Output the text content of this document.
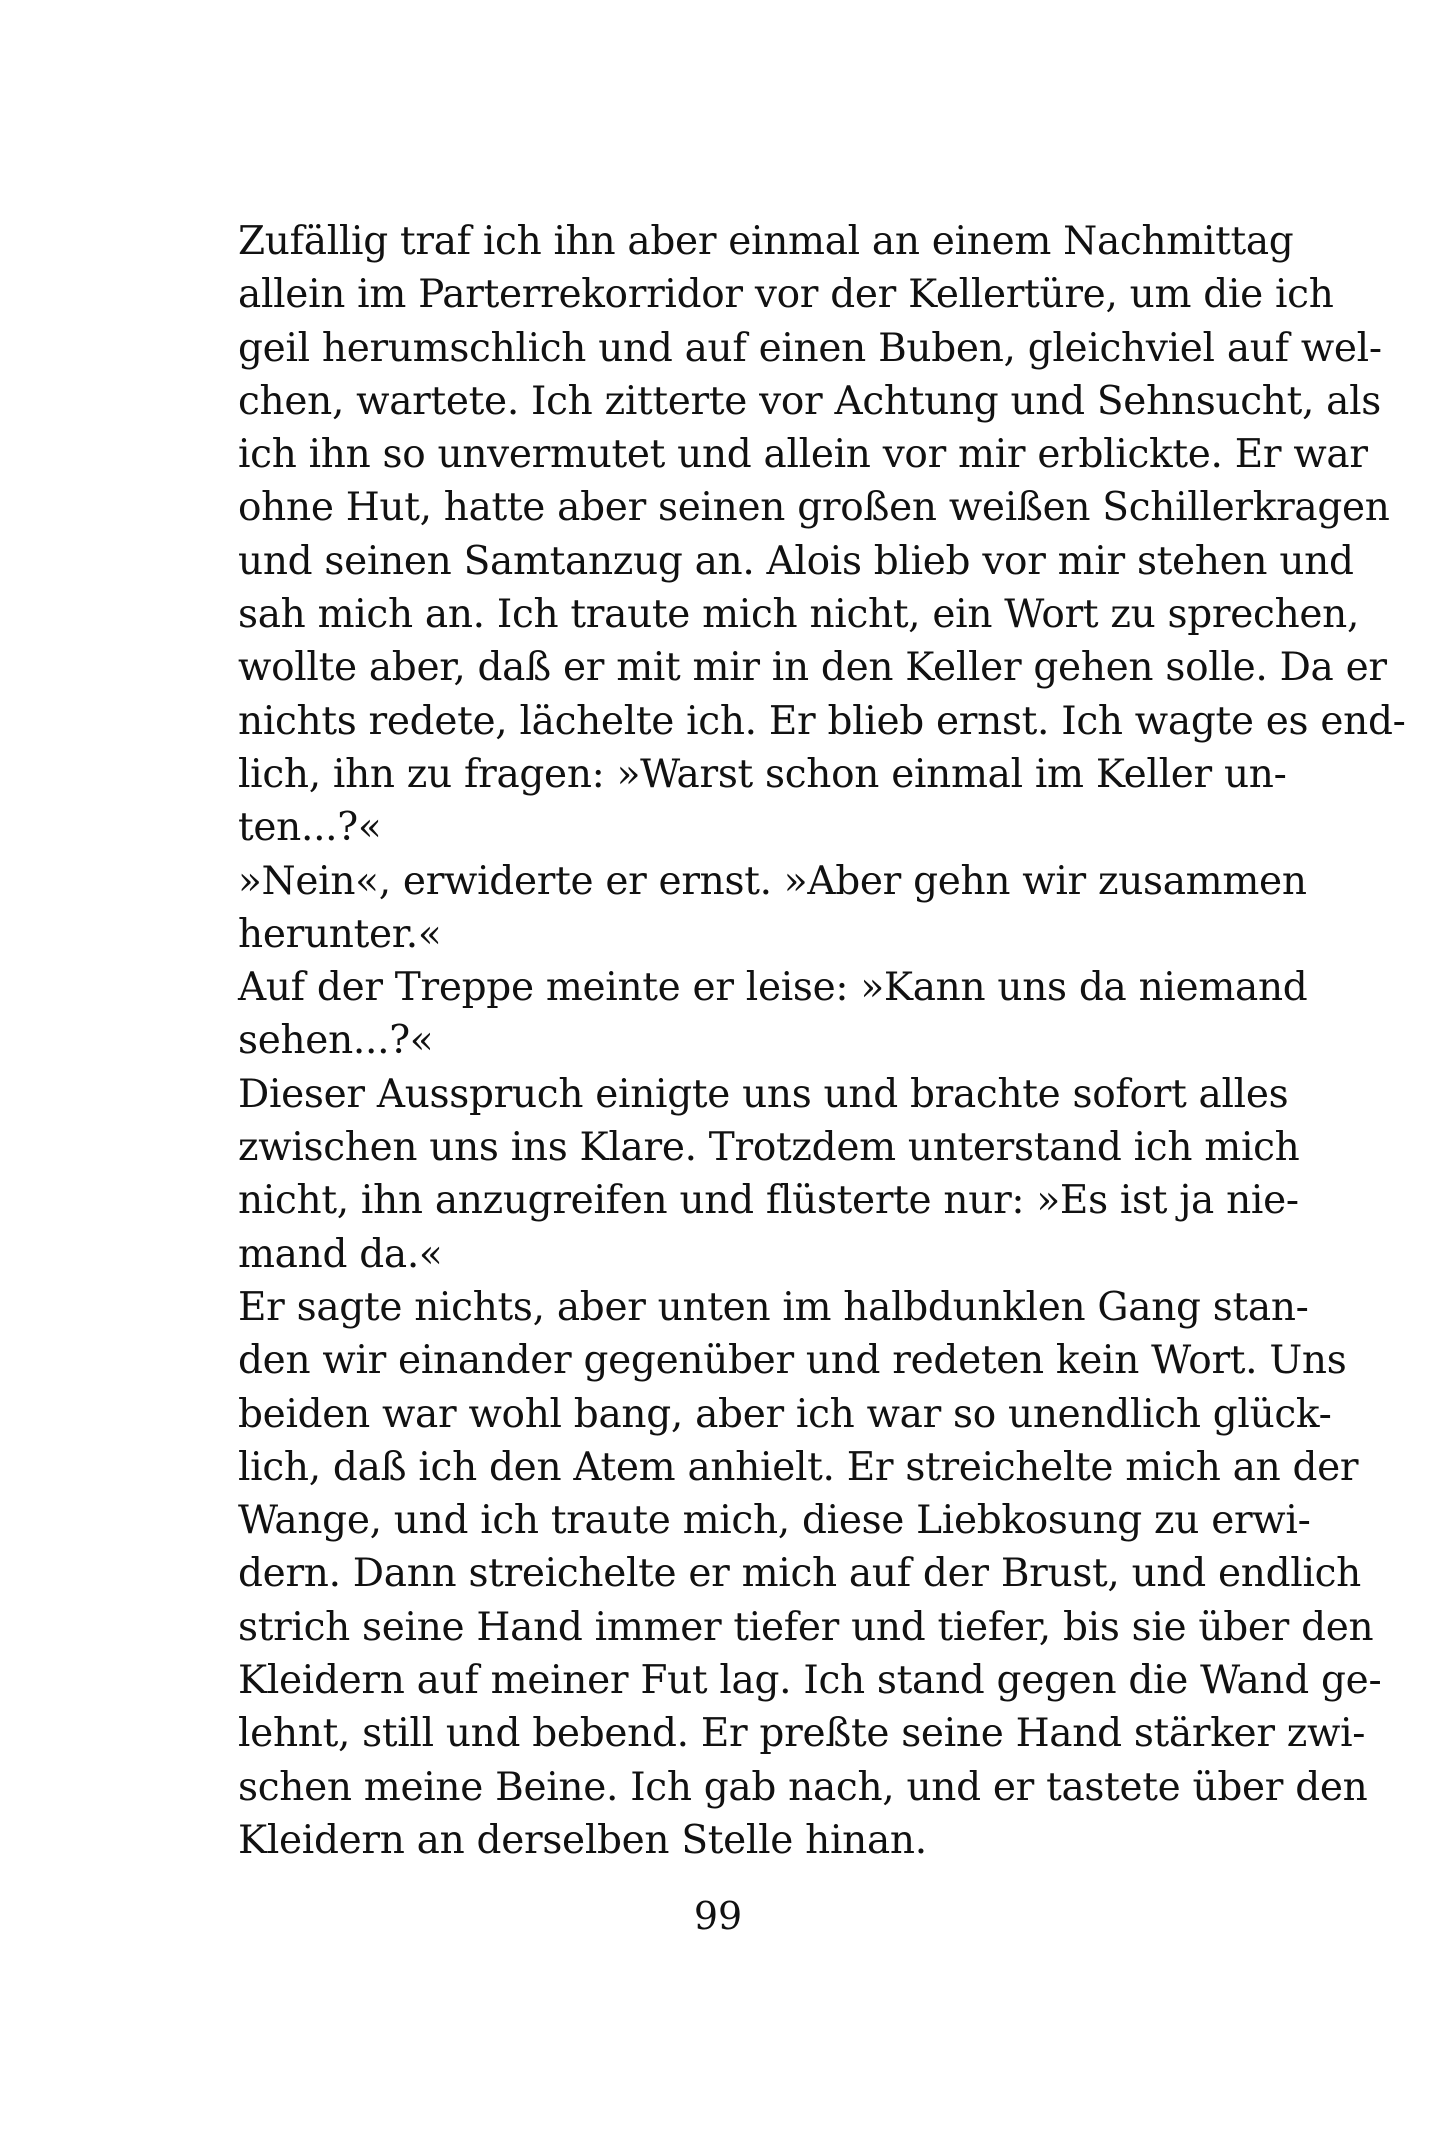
Zufällig traf ich ihn aber einmal an einem Nachmittag
allein im Parterrekorridor vor der Kellertüre, um die ich
geil herumschlich und auf einen Buben, gleichviel auf wel-
chen, wartete. Ich zitterte vor Achtung und Sehnsucht, als
ich ihn so unvermutet und allein vor mir erblickte. Er war
ohne Hut, hatte aber seinen großen weißen Schillerkragen
und seinen Samtanzug an. Alois blieb vor mir stehen und
sah mich an. Ich traute mich nicht, ein Wort zu sprechen,
wollte aber, daß er mit mir in den Keller gehen solle. Da er
nichts redete, lächelte ich. Er blieb ernst. Ich wagte es end-
lich, ihn zu fragen: »Warst schon einmal im Keller un-
ten...?«
»Nein«, erwiderte er ernst. »Aber gehn wir zusammen
herunter.«
Auf der Treppe meinte er leise: »Kann uns da niemand
sehen...?«
Dieser Ausspruch einigte uns und brachte sofort alles
zwischen uns ins Klare. Trotzdem unterstand ich mich
nicht, ihn anzugreifen und flüsterte nur: »Es ist ja nie-
mand da.«
Er sagte nichts, aber unten im halbdunklen Gang stan-
den wir einander gegenüber und redeten kein Wort. Uns
beiden war wohl bang, aber ich war so unendlich glück-
lich, daß ich den Atem anhielt. Er streichelte mich an der
Wange, und ich traute mich, diese Liebkosung zu erwi-
dern. Dann streichelte er mich auf der Brust, und endlich
strich seine Hand immer tiefer und tiefer, bis sie über den
Kleidern auf meiner Fut lag. Ich stand gegen die Wand ge-
lehnt, still und bebend. Er preßte seine Hand stärker zwi-
schen meine Beine. Ich gab nach, und er tastete über den
Kleidern an derselben Stelle hinan.
99
